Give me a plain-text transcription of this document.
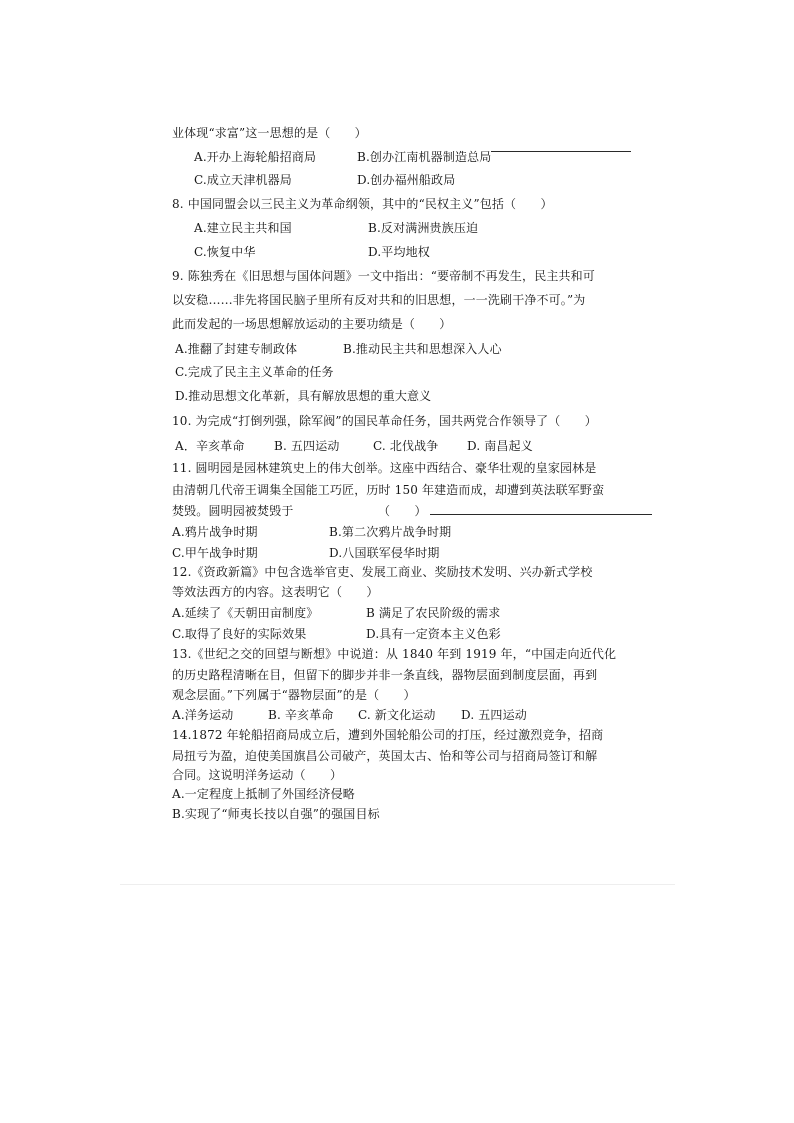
业体现“求富”这一思想的是（　　）
A.开办上海轮船招商局	B.创办江南机器制造总局
C.成立天津机器局	D.创办福州船政局
8. 中国同盟会以三民主义为革命纲领，其中的“民权主义”包括（　　）
A.建立民主共和国	B.反对满洲贵族压迫
C.恢复中华	D.平均地权
9. 陈独秀在《旧思想与国体问题》一文中指出：“要帝制不再发生，民主共和可
以安稳……非先将国民脑子里所有反对共和的旧思想，一一洗刷干净不可。”为
此而发起的一场思想解放运动的主要功绩是（　　）
A.推翻了封建专制政体	B.推动民主共和思想深入人心
C.完成了民主主义革命的任务
D.推动思想文化革新，具有解放思想的重大意义
10. 为完成“打倒列强，除军阀”的国民革命任务，国共两党合作领导了（　　）
A．辛亥革命 B. 五四运动	C. 北伐战争 D. 南昌起义
11. 圆明园是园林建筑史上的伟大创举。这座中西结合、豪华壮观的皇家园林是
由清朝几代帝王调集全国能工巧匠，历时 150 年建造而成，却遭到英法联军野蛮
焚毁。圆明园被焚毁于	（　　）
A.鸦片战争时期	B.第二次鸦片战争时期
C.甲午战争时期	D.八国联军侵华时期
12.《资政新篇》中包含选举官吏、发展工商业、奖励技术发明、兴办新式学校
等效法西方的内容。这表明它（　　）
A.延续了《天朝田亩制度》	B 满足了农民阶级的需求
C.取得了良好的实际效果	D.具有一定资本主义色彩
13.《世纪之交的回望与断想》中说道：从 1840 年到 1919 年，“中国走向近代化
的历史路程清晰在目，但留下的脚步并非一条直线，器物层面到制度层面，再到
观念层面。”下列属于“器物层面”的是（　　）
A.洋务运动	B. 辛亥革命 C. 新文化运动 D. 五四运动
14.1872 年轮船招商局成立后，遭到外国轮船公司的打压，经过激烈竞争，招商
局扭亏为盈，迫使美国旗昌公司破产，英国太古、怡和等公司与招商局签订和解
合同。这说明洋务运动（　　）
A.一定程度上抵制了外国经济侵略
B.实现了“师夷长技以自强”的强国目标
